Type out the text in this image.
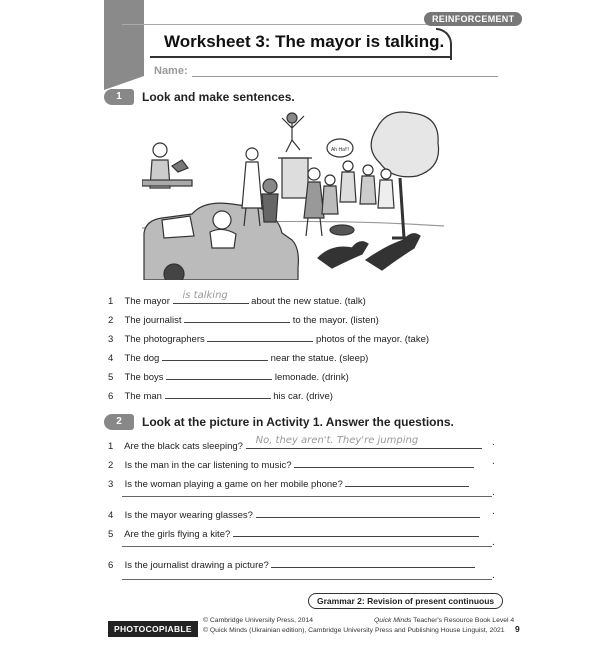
REINFORCEMENT
Worksheet 3: The mayor is talking.
Name:
1	Look and make sentences.
Ah Ha!!!
1 The mayor
is talking
about the new statue. (talk)
2 The journalist	to the mayor. (listen)
3 The photographers	photos of the mayor. (take)
4 The dog	near the statue. (sleep)
5 The boys	lemonade. (drink)
6 The man	his car. (drive)
2	Look at the picture in Activity 1. Answer the questions.
1 Are the black cats sleeping?
No, they aren't. They're jumping	.
2 Is the man in the car listening to music?	.
3 Is the woman playing a game on her mobile phone?
.
4 Is the mayor wearing glasses?	.
5 Are the girls flying a kite?
.
6 Is the journalist drawing a picture?
.
Grammar 2: Revision of present continuous
PHOTOCOPIABLE
© Cambridge University Press, 2014
© Quick Minds (Ukrainian edition), Cambridge University Press and Publishing House Linguist, 2021
Quick Minds Teacher's Resource Book Level 4
9
